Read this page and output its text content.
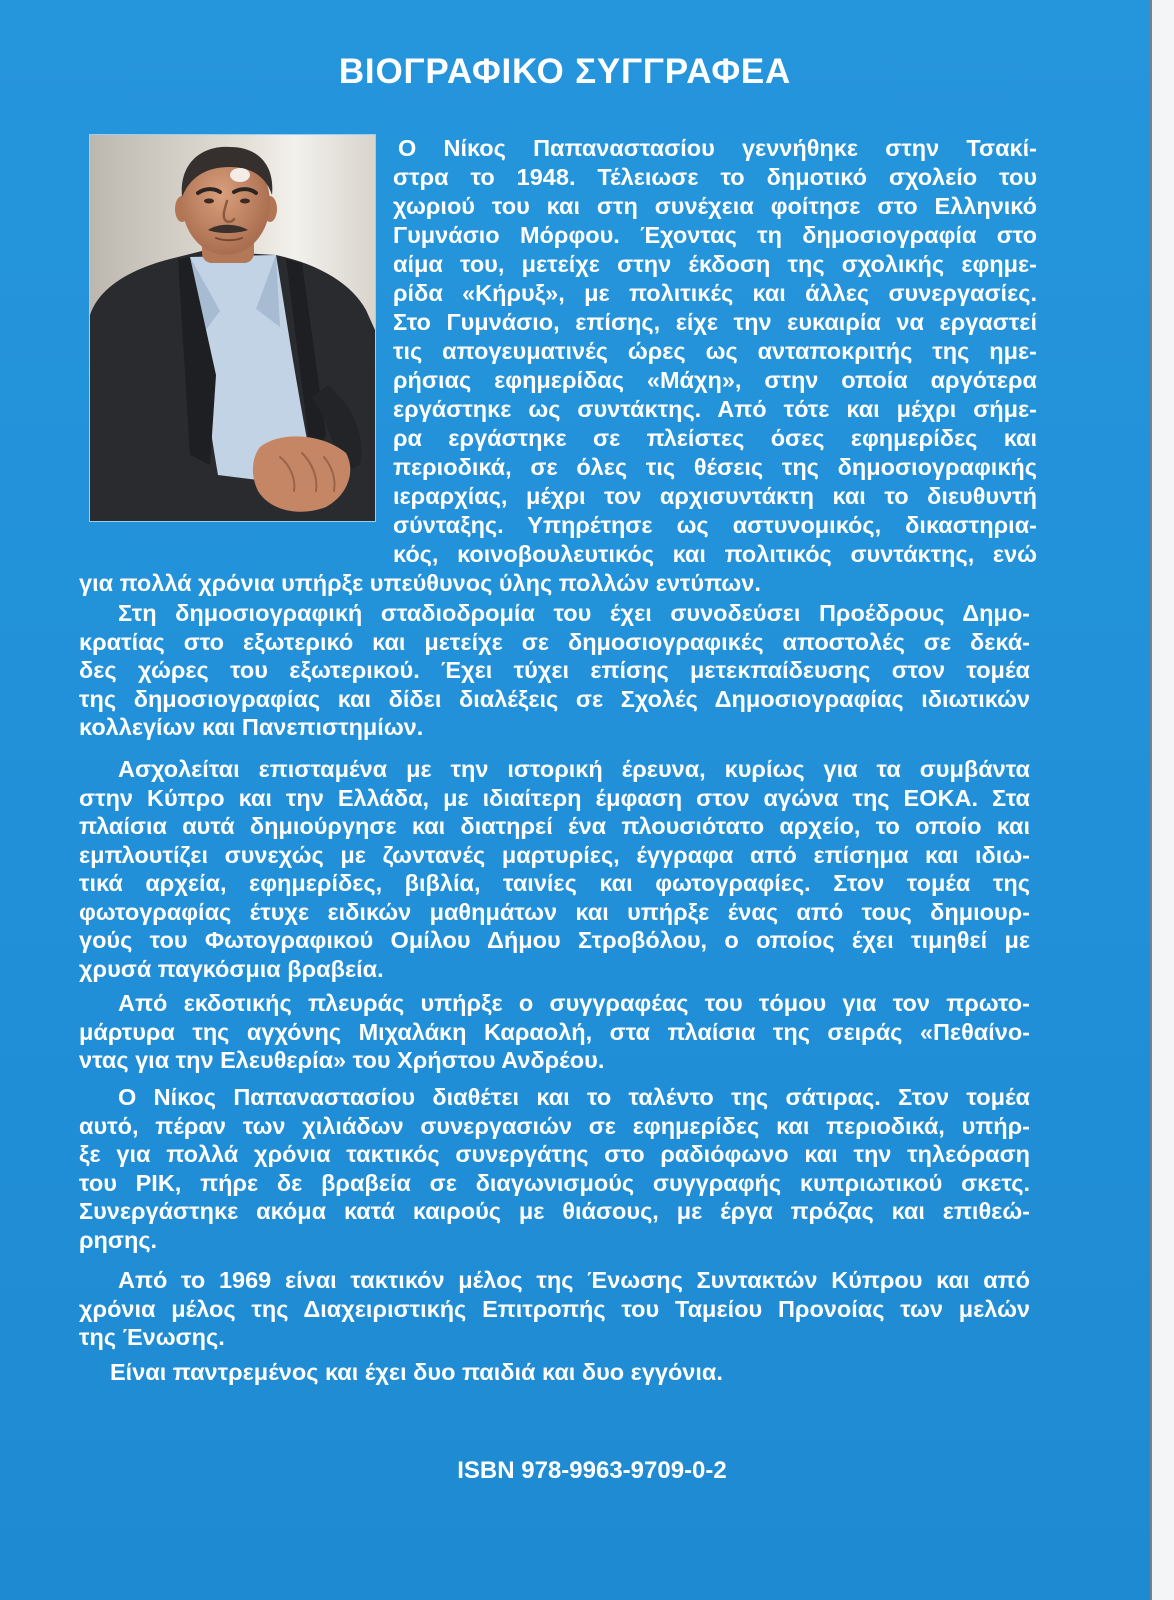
ΒΙΟΓΡΑΦΙΚΟ ΣΥΓΓΡΑΦΕΑ
Ο Νίκος Παπαναστασίου γεννήθηκε στην Τσακί-
στρα το 1948. Τέλειωσε το δημοτικό σχολείο του
χωριού του και στη συνέχεια φοίτησε στο Ελληνικό
Γυμνάσιο Μόρφου. Έχοντας τη δημοσιογραφία στο
αίμα του, μετείχε στην έκδοση της σχολικής εφημε-
ρίδα «Κήρυξ», με πολιτικές και άλλες συνεργασίες.
Στο Γυμνάσιο, επίσης, είχε την ευκαιρία να εργαστεί
τις απογευματινές ώρες ως ανταποκριτής της ημε-
ρήσιας εφημερίδας «Μάχη», στην οποία αργότερα
εργάστηκε ως συντάκτης. Από τότε και μέχρι σήμε-
ρα εργάστηκε σε πλείστες όσες εφημερίδες και
περιοδικά, σε όλες τις θέσεις της δημοσιογραφικής
ιεραρχίας, μέχρι τον αρχισυντάκτη και το διευθυντή
σύνταξης. Υπηρέτησε ως αστυνομικός, δικαστηρια-
κός, κοινοβουλευτικός και πολιτικός συντάκτης, ενώ
για πολλά χρόνια υπήρξε υπεύθυνος ύλης πολλών εντύπων.
Στη δημοσιογραφική σταδιοδρομία του έχει συνοδεύσει Προέδρους Δημο-
κρατίας στο εξωτερικό και μετείχε σε δημοσιογραφικές αποστολές σε δεκά-
δες χώρες του εξωτερικού. Έχει τύχει επίσης μετεκπαίδευσης στον τομέα
της δημοσιογραφίας και δίδει διαλέξεις σε Σχολές Δημοσιογραφίας ιδιωτικών
κολλεγίων και Πανεπιστημίων.
Ασχολείται επισταμένα με την ιστορική έρευνα, κυρίως για τα συμβάντα
στην Κύπρο και την Ελλάδα, με ιδιαίτερη έμφαση στον αγώνα της ΕΟΚΑ. Στα
πλαίσια αυτά δημιούργησε και διατηρεί ένα πλουσιότατο αρχείο, το οποίο και
εμπλουτίζει συνεχώς με ζωντανές μαρτυρίες, έγγραφα από επίσημα και ιδιω-
τικά αρχεία, εφημερίδες, βιβλία, ταινίες και φωτογραφίες. Στον τομέα της
φωτογραφίας έτυχε ειδικών μαθημάτων και υπήρξε ένας από τους δημιουρ-
γούς του Φωτογραφικού Ομίλου Δήμου Στροβόλου, ο οποίος έχει τιμηθεί με
χρυσά παγκόσμια βραβεία.
Από εκδοτικής πλευράς υπήρξε ο συγγραφέας του τόμου για τον πρωτο-
μάρτυρα της αγχόνης Μιχαλάκη Καραολή, στα πλαίσια της σειράς «Πεθαίνο-
ντας για την Ελευθερία» του Χρήστου Ανδρέου.
Ο Νίκος Παπαναστασίου διαθέτει και το ταλέντο της σάτιρας. Στον τομέα
αυτό, πέραν των χιλιάδων συνεργασιών σε εφημερίδες και περιοδικά, υπήρ-
ξε για πολλά χρόνια τακτικός συνεργάτης στο ραδιόφωνο και την τηλεόραση
του ΡΙΚ, πήρε δε βραβεία σε διαγωνισμούς συγγραφής κυπριωτικού σκετς.
Συνεργάστηκε ακόμα κατά καιρούς με θιάσους, με έργα πρόζας και επιθεώ-
ρησης.
Από το 1969 είναι τακτικόν μέλος της Ένωσης Συντακτών Κύπρου και από
χρόνια μέλος της Διαχειριστικής Επιτροπής του Ταμείου Προνοίας των μελών
της Ένωσης.
Είναι παντρεμένος και έχει δυο παιδιά και δυο εγγόνια.
ISBN 978-9963-9709-0-2
